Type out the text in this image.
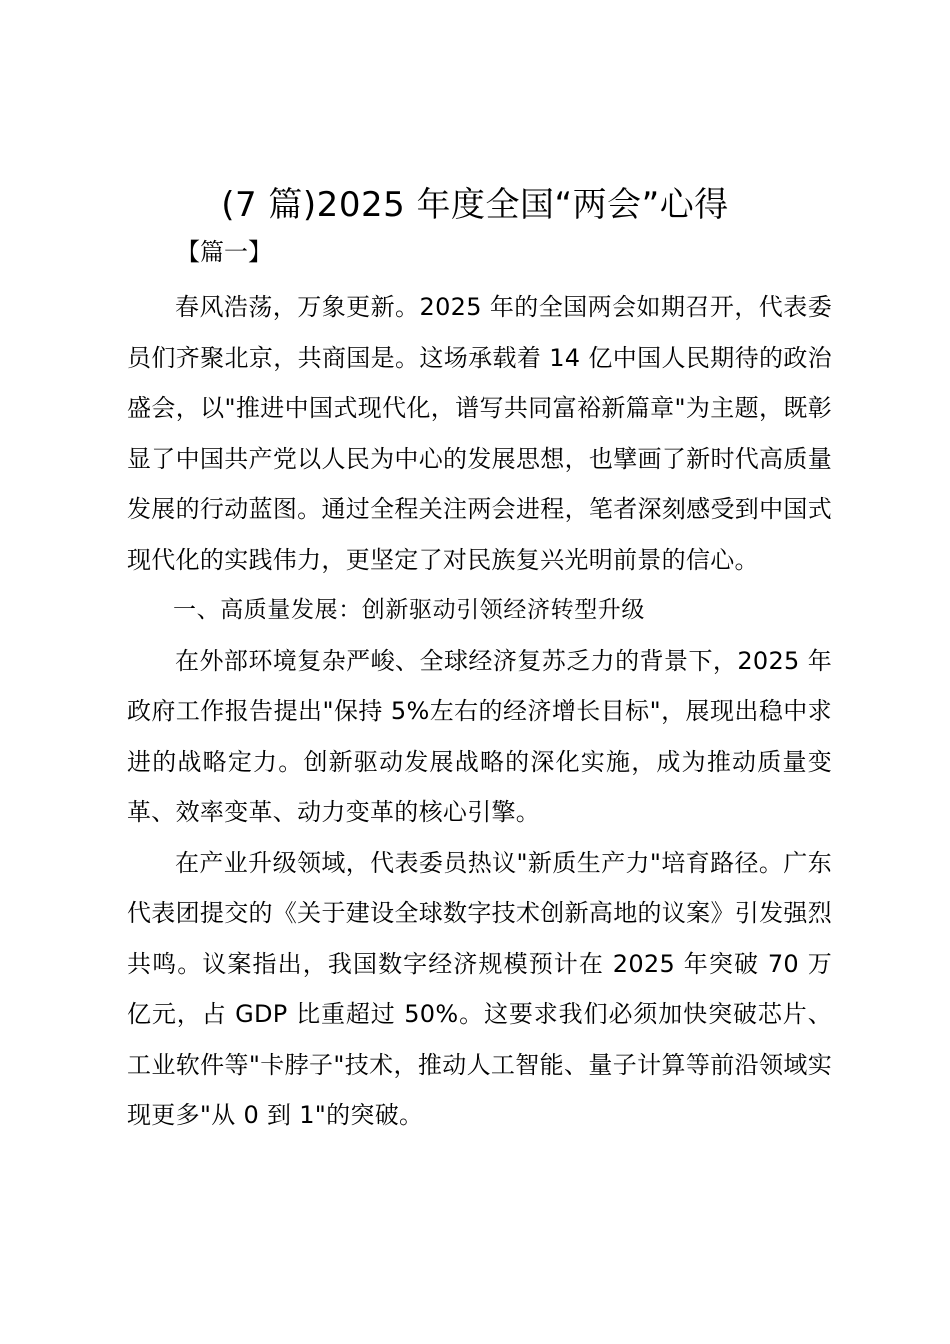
(7 篇)2025 年度全国“两会”心得
【篇一】

春风浩荡，万象更新。2025 年的全国两会如期召开，代表委员们齐聚北京，共商国是。这场承载着 14 亿中国人民期待的政治盛会，以"推进中国式现代化，谱写共同富裕新篇章"为主题，既彰显了中国共产党以人民为中心的发展思想，也擘画了新时代高质量发展的行动蓝图。通过全程关注两会进程，笔者深刻感受到中国式现代化的实践伟力，更坚定了对民族复兴光明前景的信心。

一、高质量发展：创新驱动引领经济转型升级

在外部环境复杂严峻、全球经济复苏乏力的背景下，2025 年政府工作报告提出"保持 5%左右的经济增长目标"，展现出稳中求进的战略定力。创新驱动发展战略的深化实施，成为推动质量变革、效率变革、动力变革的核心引擎。

在产业升级领域，代表委员热议"新质生产力"培育路径。广东代表团提交的《关于建设全球数字技术创新高地的议案》引发强烈共鸣。议案指出，我国数字经济规模预计在 2025 年突破 70 万亿元，占 GDP 比重超过 50%。这要求我们必须加快突破芯片、工业软件等"卡脖子"技术，推动人工智能、量子计算等前沿领域实现更多"从 0 到 1"的突破。
